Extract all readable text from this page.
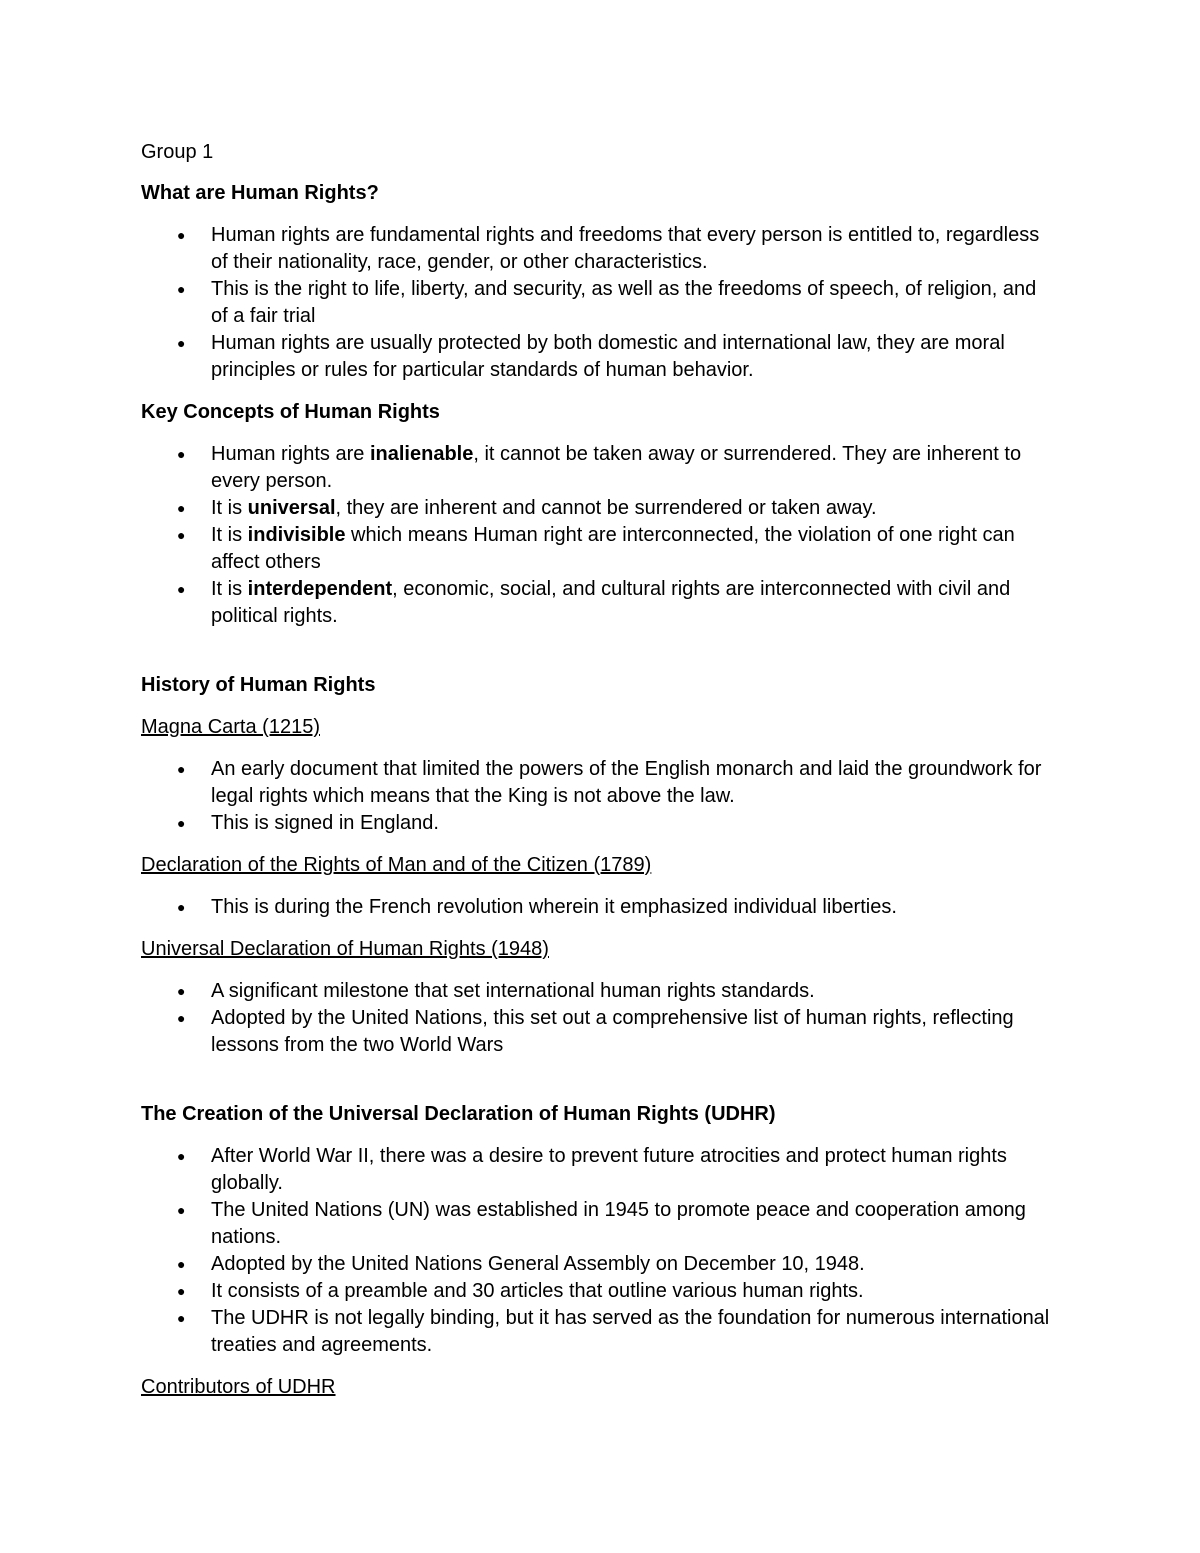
Group 1
What are Human Rights?
● Human rights are fundamental rights and freedoms that every person is entitled to, regardless of their nationality, race, gender, or other characteristics.
● This is the right to life, liberty, and security, as well as the freedoms of speech, of religion, and of a fair trial
● Human rights are usually protected by both domestic and international law, they are moral principles or rules for particular standards of human behavior.
Key Concepts of Human Rights
● Human rights are inalienable, it cannot be taken away or surrendered. They are inherent to every person.
● It is universal, they are inherent and cannot be surrendered or taken away.
● It is indivisible which means Human right are interconnected, the violation of one right can affect others
● It is interdependent, economic, social, and cultural rights are interconnected with civil and political rights.
History of Human Rights
Magna Carta (1215)
● An early document that limited the powers of the English monarch and laid the groundwork for legal rights which means that the King is not above the law.
● This is signed in England.
Declaration of the Rights of Man and of the Citizen (1789)
● This is during the French revolution wherein it emphasized individual liberties.
Universal Declaration of Human Rights (1948)
● A significant milestone that set international human rights standards.
● Adopted by the United Nations, this set out a comprehensive list of human rights, reflecting lessons from the two World Wars
The Creation of the Universal Declaration of Human Rights (UDHR)
● After World War II, there was a desire to prevent future atrocities and protect human rights globally.
● The United Nations (UN) was established in 1945 to promote peace and cooperation among nations.
● Adopted by the United Nations General Assembly on December 10, 1948.
● It consists of a preamble and 30 articles that outline various human rights.
● The UDHR is not legally binding, but it has served as the foundation for numerous international treaties and agreements.
Contributors of UDHR
